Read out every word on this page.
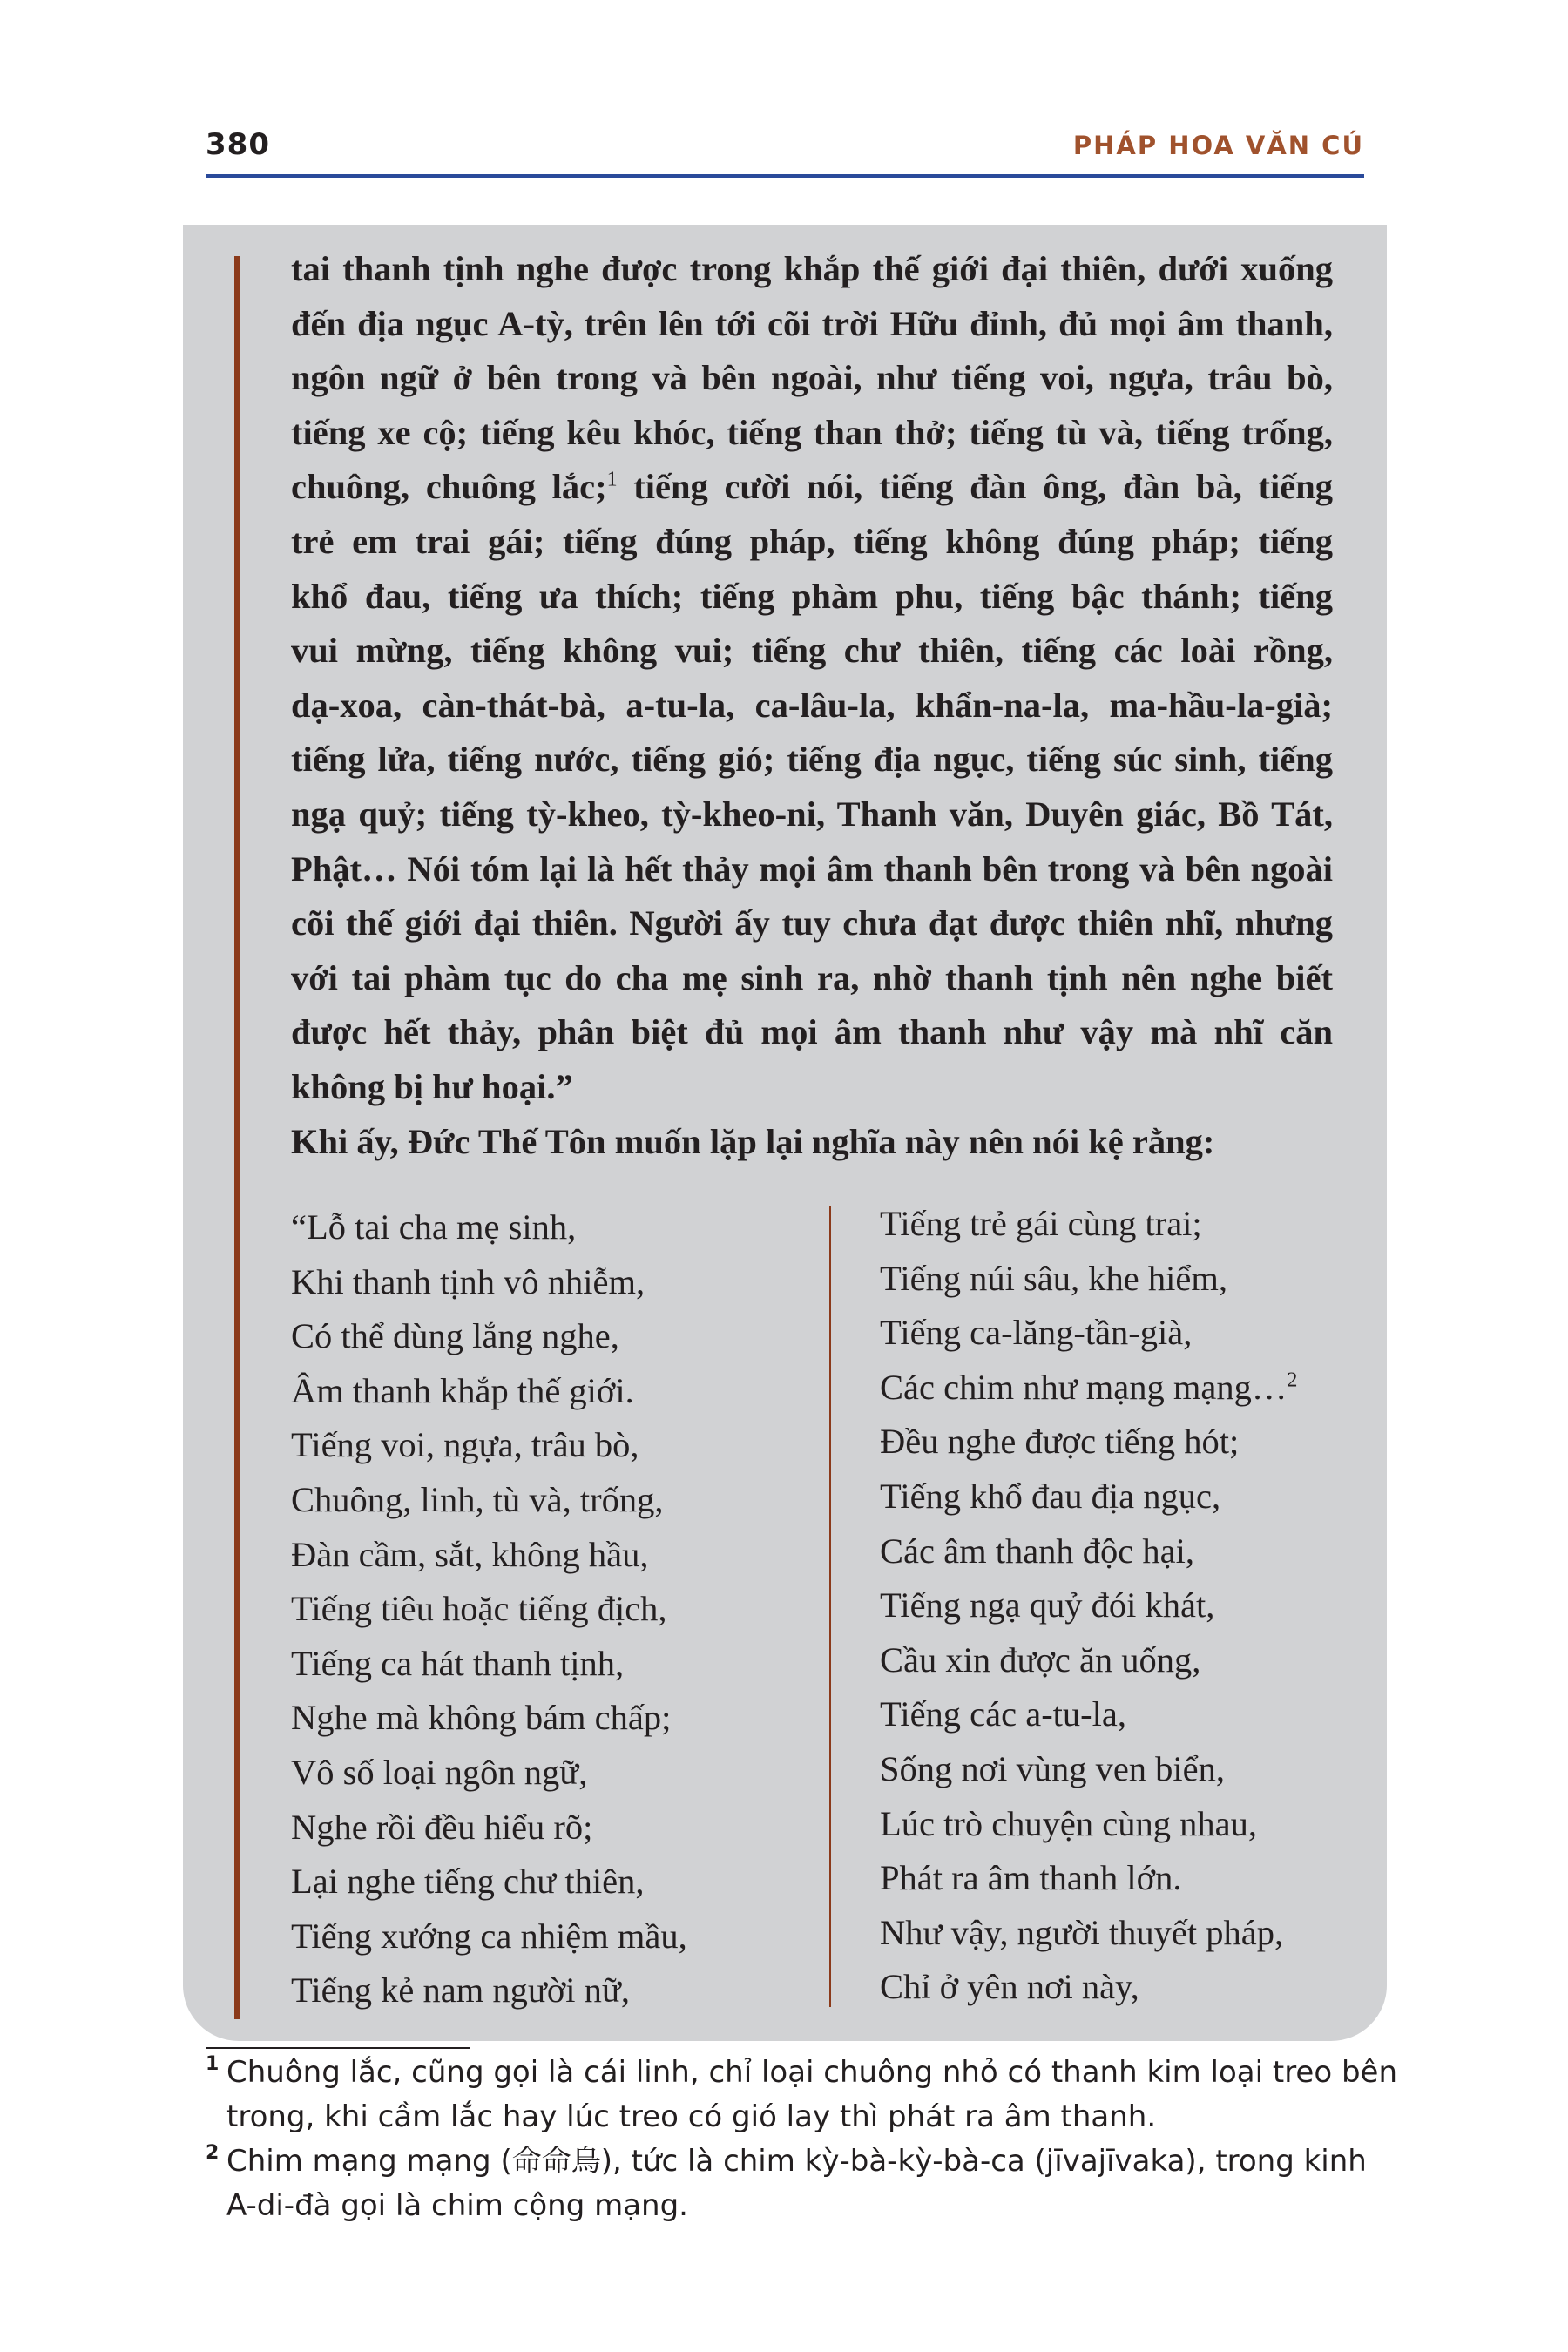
380	PHÁP HOA VĂN CÚ
tai thanh tịnh nghe được trong khắp thế giới đại thiên, dưới xuống
đến địa ngục A-tỳ, trên lên tới cõi trời Hữu đỉnh, đủ mọi âm thanh,
ngôn ngữ ở bên trong và bên ngoài, như tiếng voi, ngựa, trâu bò,
tiếng xe cộ; tiếng kêu khóc, tiếng than thở; tiếng tù và, tiếng trống,
chuông, chuông lắc;$^1$ tiếng cười nói, tiếng đàn ông, đàn bà, tiếng
trẻ em trai gái; tiếng đúng pháp, tiếng không đúng pháp; tiếng
khổ đau, tiếng ưa thích; tiếng phàm phu, tiếng bậc thánh; tiếng
vui mừng, tiếng không vui; tiếng chư thiên, tiếng các loài rồng,
dạ-xoa, càn-thát-bà, a-tu-la, ca-lâu-la, khẩn-na-la, ma-hầu-la-già;
tiếng lửa, tiếng nước, tiếng gió; tiếng địa ngục, tiếng súc sinh, tiếng
ngạ quỷ; tiếng tỳ-kheo, tỳ-kheo-ni, Thanh văn, Duyên giác, Bồ Tát,
Phật… Nói tóm lại là hết thảy mọi âm thanh bên trong và bên ngoài
cõi thế giới đại thiên. Người ấy tuy chưa đạt được thiên nhĩ, nhưng
với tai phàm tục do cha mẹ sinh ra, nhờ thanh tịnh nên nghe biết
được hết thảy, phân biệt đủ mọi âm thanh như vậy mà nhĩ căn
không bị hư hoại.”
Khi ấy, Đức Thế Tôn muốn lặp lại nghĩa này nên nói kệ rằng:
“Lỗ tai cha mẹ sinh,
Khi thanh tịnh vô nhiễm,
Có thể dùng lắng nghe,
Âm thanh khắp thế giới.
Tiếng voi, ngựa, trâu bò,
Chuông, linh, tù và, trống,
Đàn cầm, sắt, không hầu,
Tiếng tiêu hoặc tiếng địch,
Tiếng ca hát thanh tịnh,
Nghe mà không bám chấp;
Vô số loại ngôn ngữ,
Nghe rồi đều hiểu rõ;
Lại nghe tiếng chư thiên,
Tiếng xướng ca nhiệm mầu,
Tiếng kẻ nam người nữ,
Tiếng trẻ gái cùng trai;
Tiếng núi sâu, khe hiểm,
Tiếng ca-lăng-tần-già,
Các chim như mạng mạng…$^2$
Đều nghe được tiếng hót;
Tiếng khổ đau địa ngục,
Các âm thanh độc hại,
Tiếng ngạ quỷ đói khát,
Cầu xin được ăn uống,
Tiếng các a-tu-la,
Sống nơi vùng ven biển,
Lúc trò chuyện cùng nhau,
Phát ra âm thanh lớn.
Như vậy, người thuyết pháp,
Chỉ ở yên nơi này,
1 Chuông lắc, cũng gọi là cái linh, chỉ loại chuông nhỏ có thanh kim loại treo bên
trong, khi cầm lắc hay lúc treo có gió lay thì phát ra âm thanh.
2 Chim mạng mạng (命命鳥), tức là chim kỳ-bà-kỳ-bà-ca (jīvajīvaka), trong kinh
A-di-đà gọi là chim cộng mạng.
